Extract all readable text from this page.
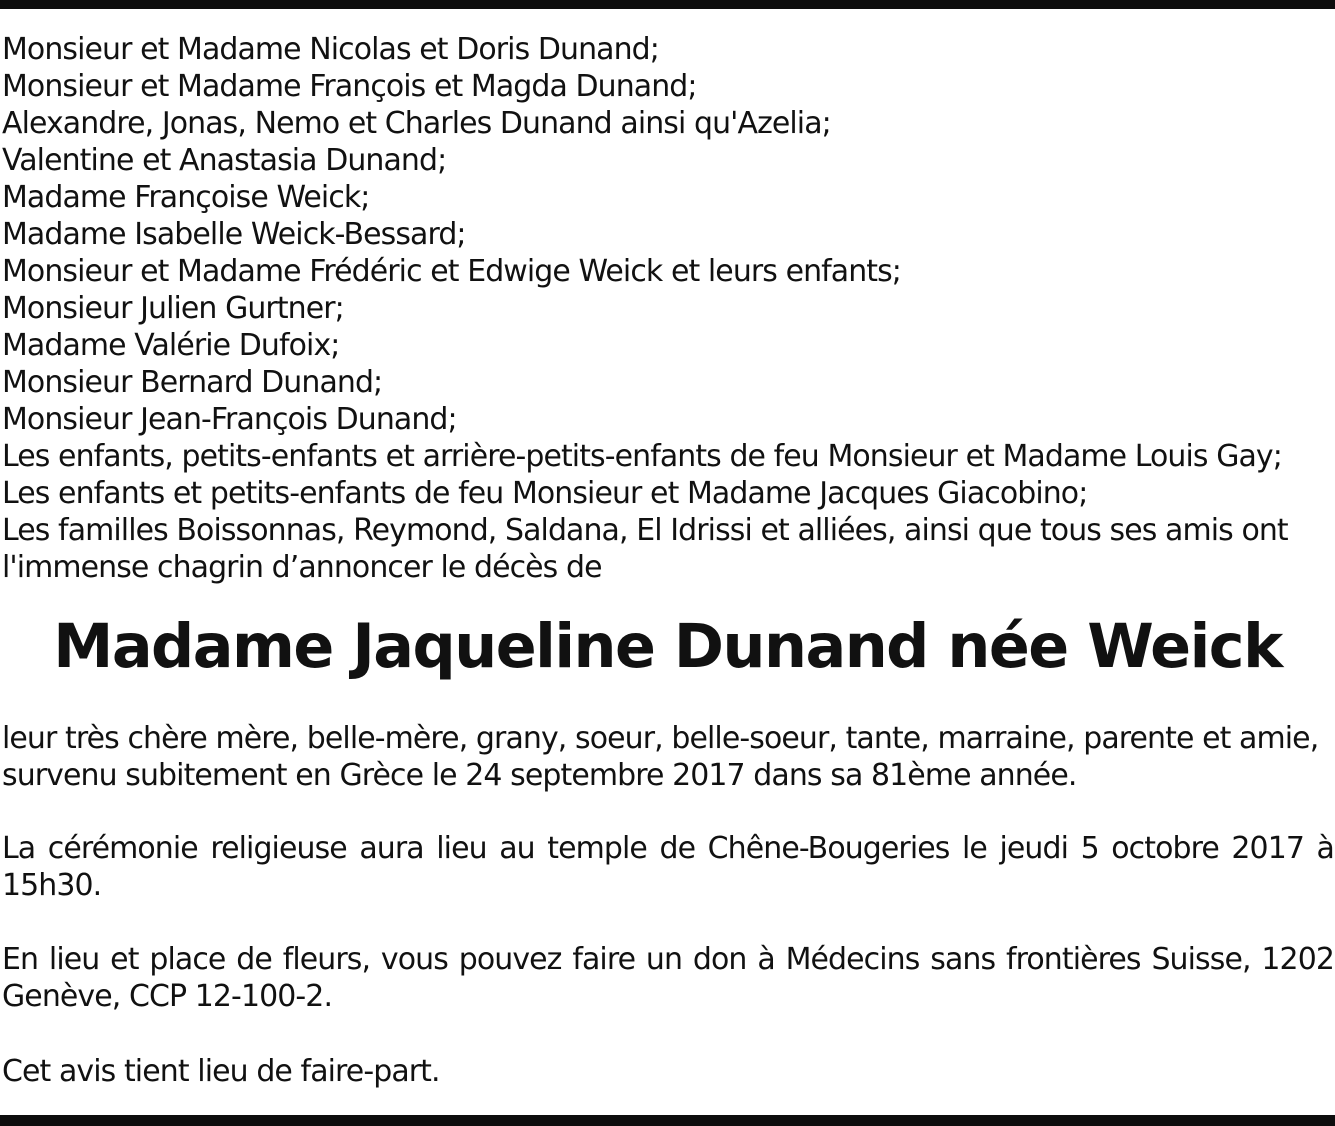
Monsieur et Madame Nicolas et Doris Dunand;
Monsieur et Madame François et Magda Dunand;
Alexandre, Jonas, Nemo et Charles Dunand ainsi qu'Azelia;
Valentine et Anastasia Dunand;
Madame Françoise Weick;
Madame Isabelle Weick-Bessard;
Monsieur et Madame Frédéric et Edwige Weick et leurs enfants;
Monsieur Julien Gurtner;
Madame Valérie Dufoix;
Monsieur Bernard Dunand;
Monsieur Jean-François Dunand;
Les enfants, petits-enfants et arrière-petits-enfants de feu Monsieur et Madame Louis Gay;
Les enfants et petits-enfants de feu Monsieur et Madame Jacques Giacobino;
Les familles Boissonnas, Reymond, Saldana, El Idrissi et alliées, ainsi que tous ses amis ont
l'immense chagrin d’annoncer le décès de
Madame Jaqueline Dunand née Weick
leur très chère mère, belle-mère, grany, soeur, belle-soeur, tante, marraine, parente et amie,
survenu subitement en Grèce le 24 septembre 2017 dans sa 81ème année.
La cérémonie religieuse aura lieu au temple de Chêne-Bougeries le jeudi 5 octobre 2017 à
15h30.
En lieu et place de fleurs, vous pouvez faire un don à Médecins sans frontières Suisse, 1202
Genève, CCP 12-100-2.
Cet avis tient lieu de faire-part.
